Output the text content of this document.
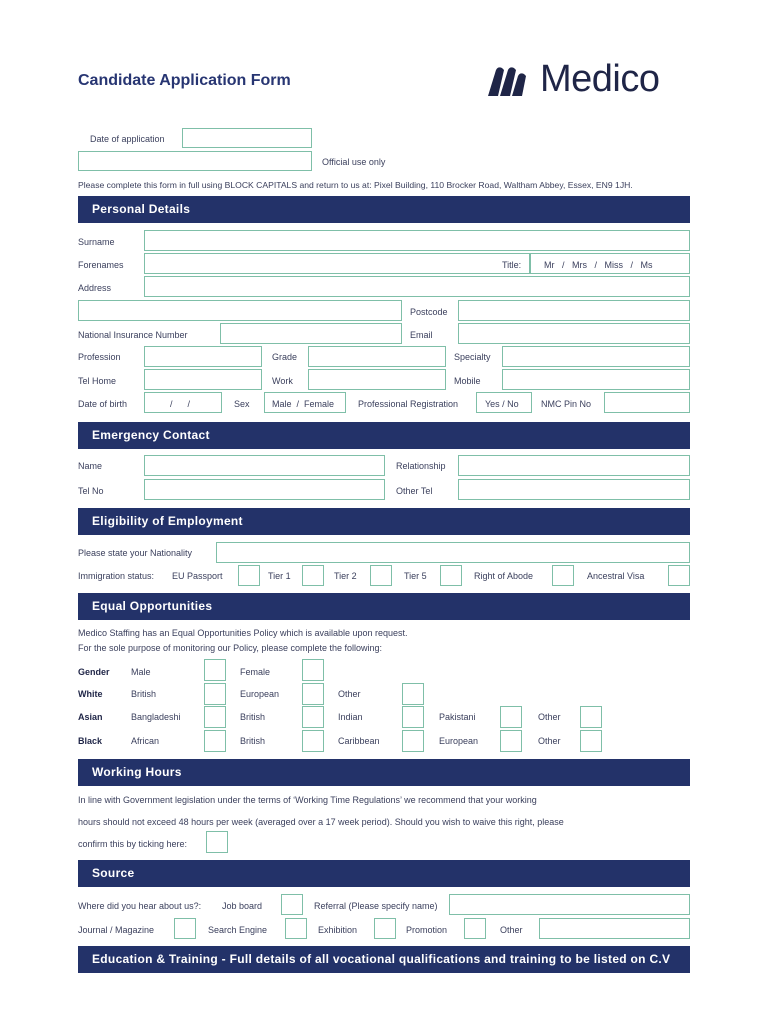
Candidate Application Form	Medico
Date of application
Official use only
Please complete this form in full using BLOCK CAPITALS and return to us at: Pixel Building, 110 Brocker Road, Waltham Abbey, Essex, EN9 1JH.
Personal Details
Surname
Forenames	Title:	Mr   /   Mrs   /   Miss   /   Ms
Address
Postcode
National Insurance Number	Email
Profession	Grade	Specialty
Tel Home	Work	Mobile
Date of birth	/      /	Sex Male  /  Female	Professional Registration	Yes / No NMC Pin No
Emergency Contact
Name	Relationship
Tel No	Other Tel
Eligibility of Employment
Please state your Nationality
Immigration status: EU Passport	Tier 1	Tier 2	Tier 5	Right of Abode	Ancestral Visa
Equal Opportunities
Medico Staffing has an Equal Opportunities Policy which is available upon request.
For the sole purpose of monitoring our Policy, please complete the following:
Gender Male	Female
White	British	European	Other
Asian	Bangladeshi	British	Indian	Pakistani	Other
Black	African	British	Caribbean	European	Other
Working Hours
In line with Government legislation under the terms of ‘Working Time Regulations’ we recommend that your working
hours should not exceed 48 hours per week (averaged over a 17 week period). Should you wish to waive this right, please
confirm this by ticking here:
Source
Where did you hear about us?: Job board	Referral (Please specify name)
Journal / Magazine	Search Engine	Exhibition	Promotion	Other
Education & Training - Full details of all vocational qualifications and training to be listed on C.V
